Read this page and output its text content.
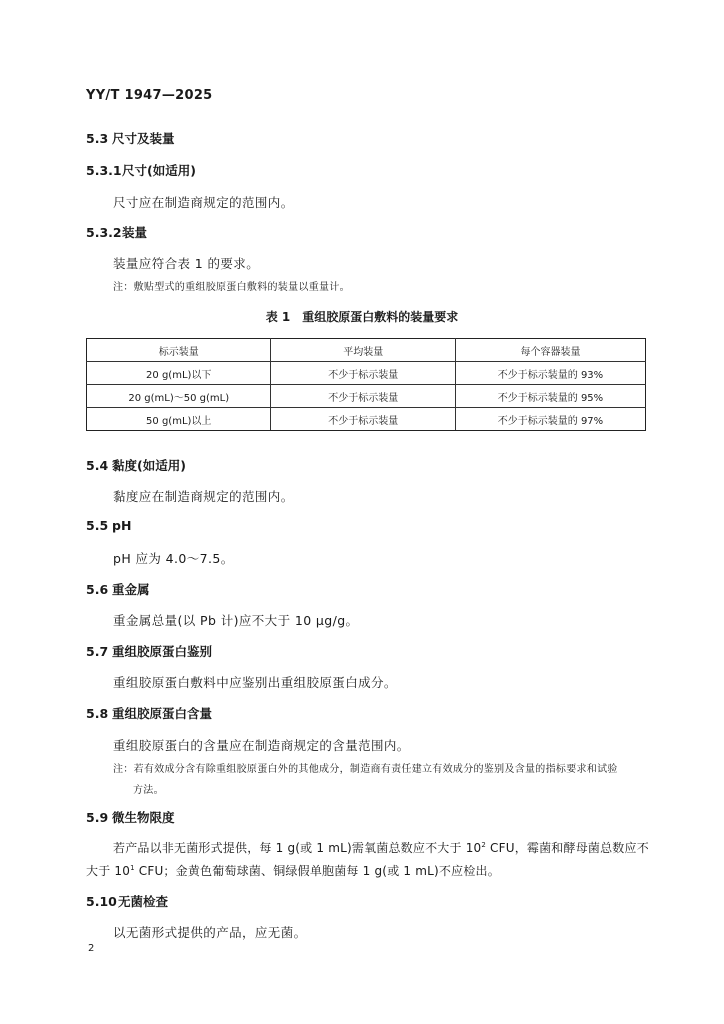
YY/T 1947—2025
5.3 尺寸及装量
5.3.1尺寸(如适用)
尺寸应在制造商规定的范围内。
5.3.2装量
装量应符合表 1 的要求。
注：敷贴型式的重组胶原蛋白敷料的装量以重量计。
表 1　重组胶原蛋白敷料的装量要求
标示装量	平均装量	每个容器装量
20 g(mL)以下	不少于标示装量	不少于标示装量的 93%
20 g(mL)～50 g(mL)	不少于标示装量	不少于标示装量的 95%
50 g(mL)以上	不少于标示装量	不少于标示装量的 97%
5.4 黏度(如适用)
黏度应在制造商规定的范围内。
5.5 pH
pH 应为 4.0～7.5。
5.6 重金属
重金属总量(以 Pb 计)应不大于 10 μg/g。
5.7 重组胶原蛋白鉴别
重组胶原蛋白敷料中应鉴别出重组胶原蛋白成分。
5.8 重组胶原蛋白含量
重组胶原蛋白的含量应在制造商规定的含量范围内。
注：若有效成分含有除重组胶原蛋白外的其他成分，制造商有责任建立有效成分的鉴别及含量的指标要求和试验
方法。
5.9 微生物限度
若产品以非无菌形式提供，每 1 g(或 1 mL)需氧菌总数应不大于 $10^2$ CFU，霉菌和酵母菌总数应不
大于 $10^1$ CFU；金黄色葡萄球菌、铜绿假单胞菌每 1 g(或 1 mL)不应检出。
5.10无菌检查
以无菌形式提供的产品，应无菌。
2
